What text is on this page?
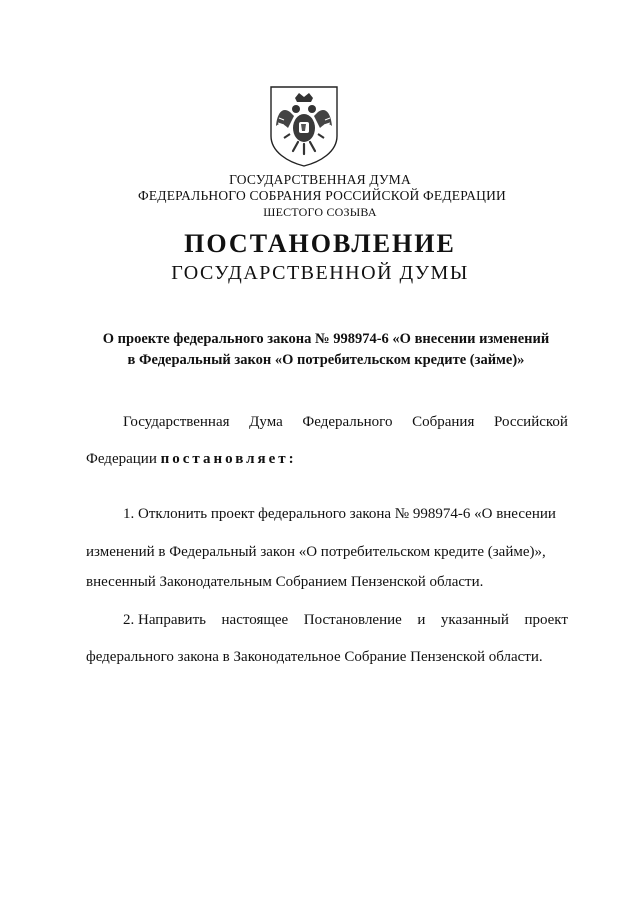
ГОСУДАРСТВЕННАЯ ДУМА
ФЕДЕРАЛЬНОГО СОБРАНИЯ РОССИЙСКОЙ ФЕДЕРАЦИИ
ШЕСТОГО СОЗЫВА
ПОСТАНОВЛЕНИЕ
ГОСУДАРСТВЕННОЙ ДУМЫ
О проекте федерального закона № 998974-6 «О внесении изменений
в Федеральный закон «О потребительском кредите (займе)»
Государственная Дума Федерального Собрания Российской
Федерации постановляет:
1. Отклонить проект федерального закона № 998974-6 «О внесении
изменений в Федеральный закон «О потребительском кредите (займе)»,
внесенный Законодательным Собранием Пензенской области.
2. Направить настоящее Постановление и указанный проект
федерального закона в Законодательное Собрание Пензенской области.
